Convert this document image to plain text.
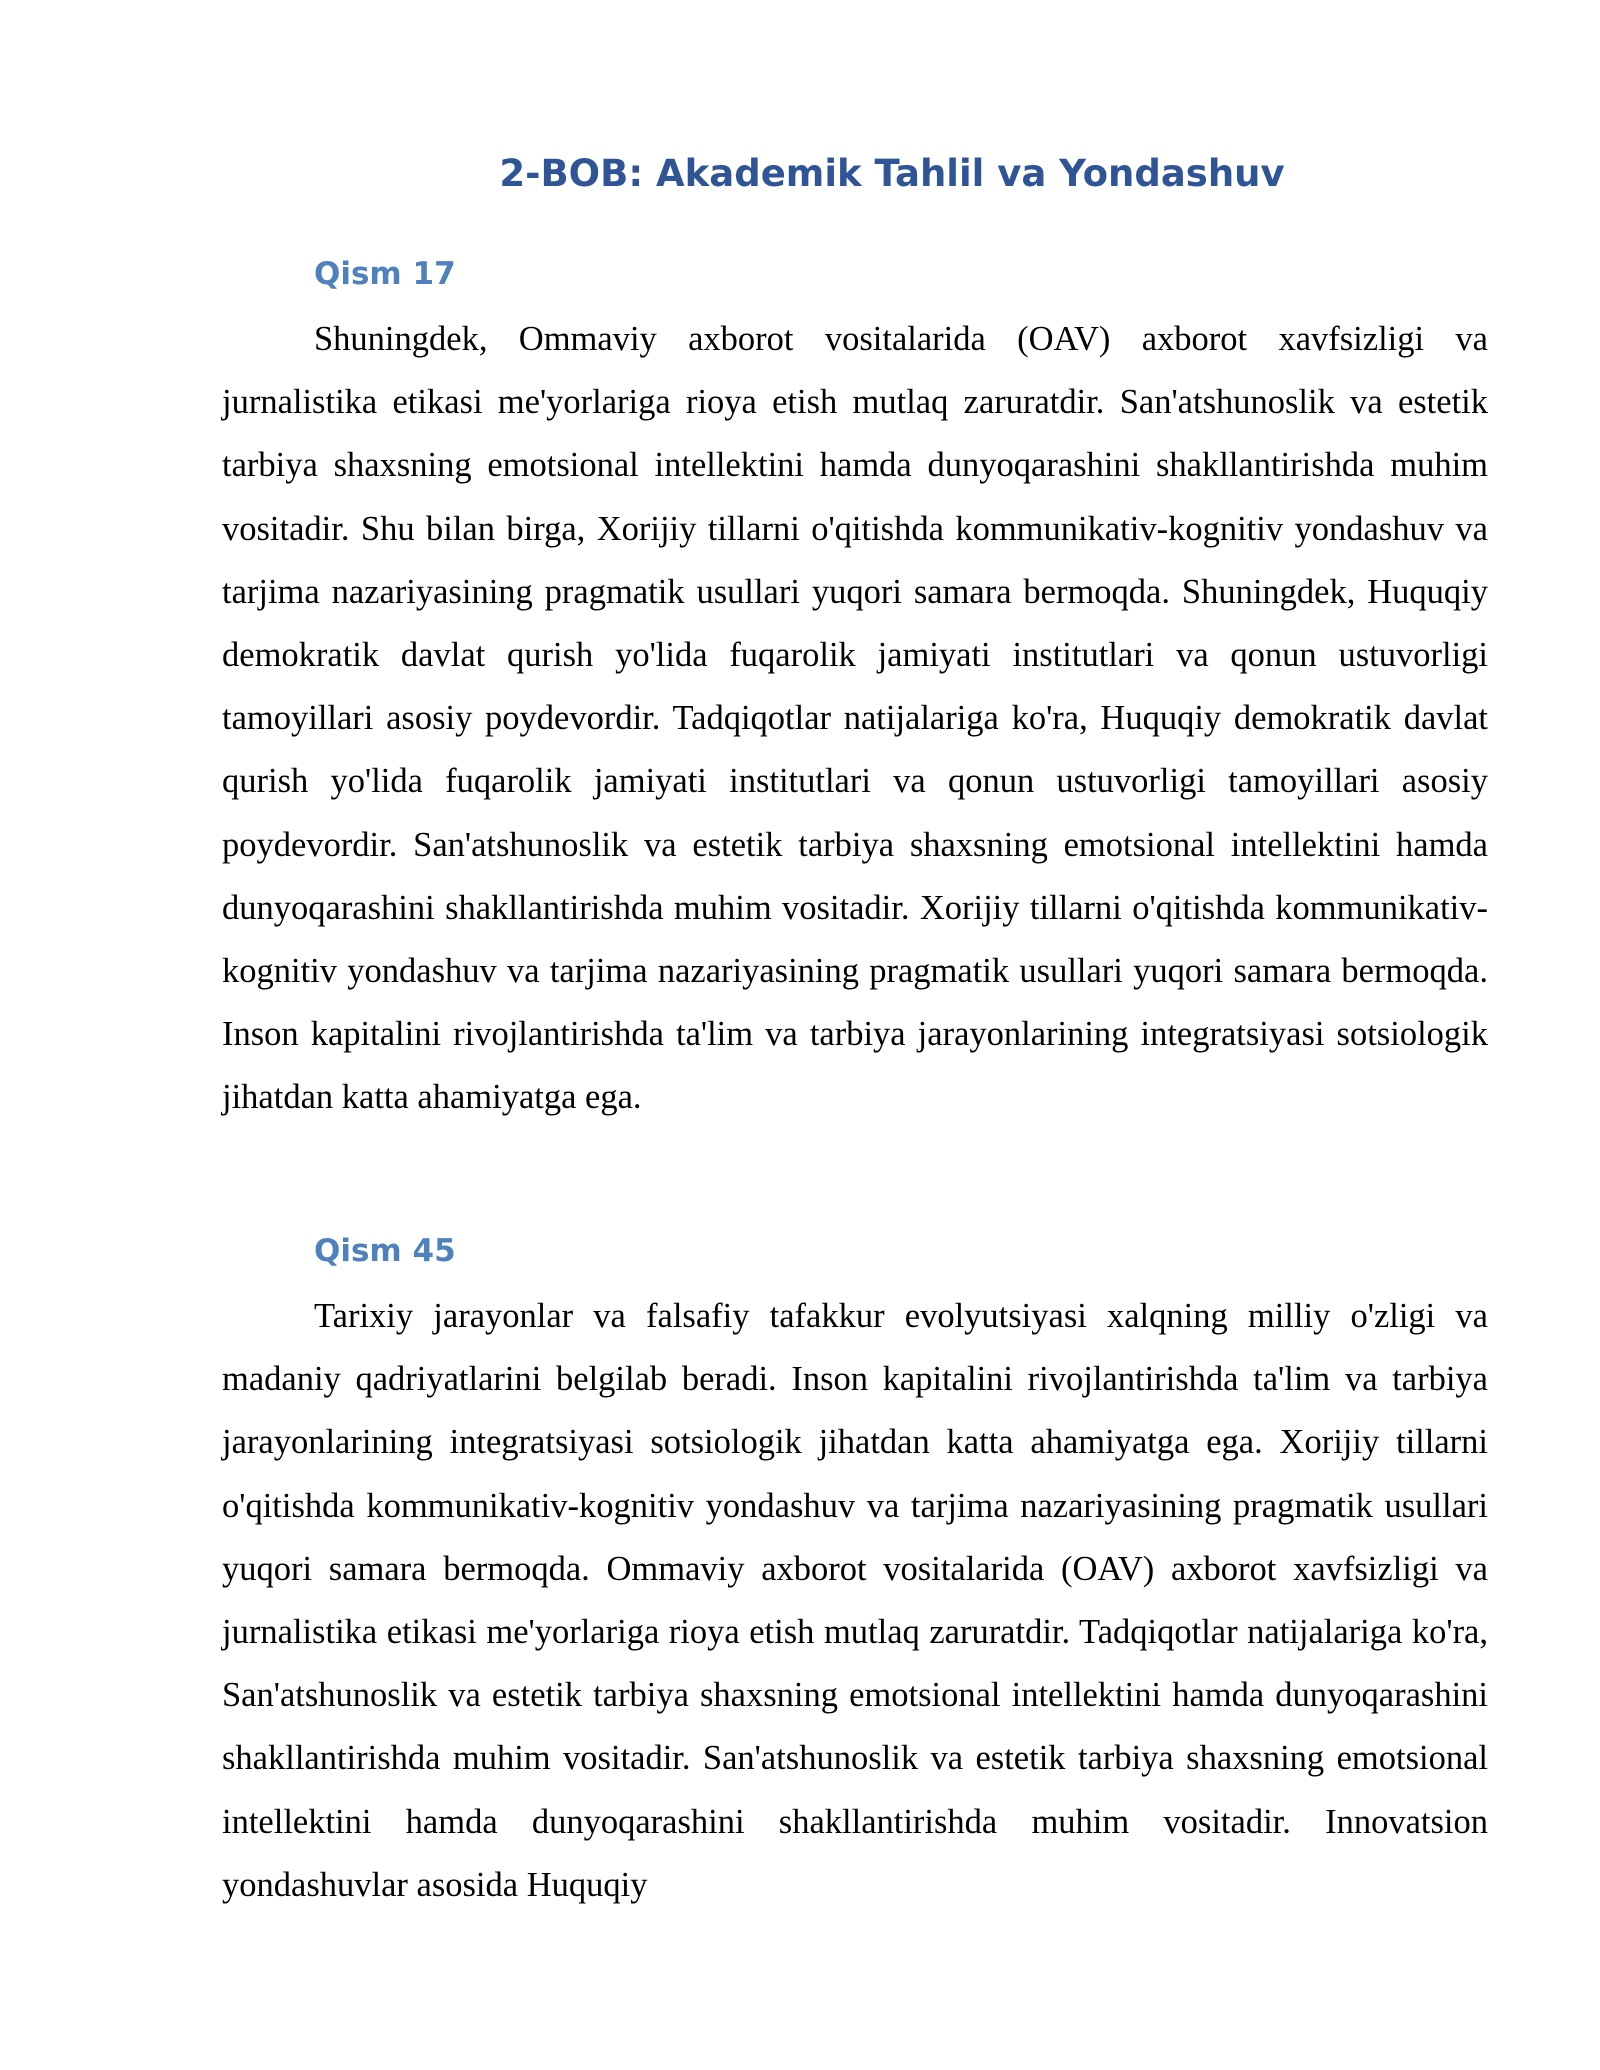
2-BOB: Akademik Tahlil va Yondashuv
Qism 17

Shuningdek, Ommaviy axborot vositalarida (OAV) axborot xavfsizligi va jurnalistika etikasi me'yorlariga rioya etish mutlaq zaruratdir. San'atshunoslik va estetik tarbiya shaxsning emotsional intellektini hamda dunyoqarashini shakllantirishda muhim vositadir. Shu bilan birga, Xorijiy tillarni o'qitishda kommunikativ-kognitiv yondashuv va tarjima nazariyasining pragmatik usullari yuqori samara bermoqda. Shuningdek, Huquqiy demokratik davlat qurish yo'lida fuqarolik jamiyati institutlari va qonun ustuvorligi tamoyillari asosiy poydevordir. Tadqiqotlar natijalariga ko'ra, Huquqiy demokratik davlat qurish yo'lida fuqarolik jamiyati institutlari va qonun ustuvorligi tamoyillari asosiy poydevordir. San'atshunoslik va estetik tarbiya shaxsning emotsional intellektini hamda dunyoqarashini shakllantirishda muhim vositadir. Xorijiy tillarni o'qitishda kommunikativ-kognitiv yondashuv va tarjima nazariyasining pragmatik usullari yuqori samara bermoqda. Inson kapitalini rivojlantirishda ta'lim va tarbiya jarayonlarining integratsiyasi sotsiologik jihatdan katta ahamiyatga ega.

Qism 45

Tarixiy jarayonlar va falsafiy tafakkur evolyutsiyasi xalqning milliy o'zligi va madaniy qadriyatlarini belgilab beradi. Inson kapitalini rivojlantirishda ta'lim va tarbiya jarayonlarining integratsiyasi sotsiologik jihatdan katta ahamiyatga ega. Xorijiy tillarni o'qitishda kommunikativ-kognitiv yondashuv va tarjima nazariyasining pragmatik usullari yuqori samara bermoqda. Ommaviy axborot vositalarida (OAV) axborot xavfsizligi va jurnalistika etikasi me'yorlariga rioya etish mutlaq zaruratdir. Tadqiqotlar natijalariga ko'ra, San'atshunoslik va estetik tarbiya shaxsning emotsional intellektini hamda dunyoqarashini shakllantirishda muhim vositadir. San'atshunoslik va estetik tarbiya shaxsning emotsional intellektini hamda dunyoqarashini shakllantirishda muhim vositadir. Innovatsion yondashuvlar asosida Huquqiy
